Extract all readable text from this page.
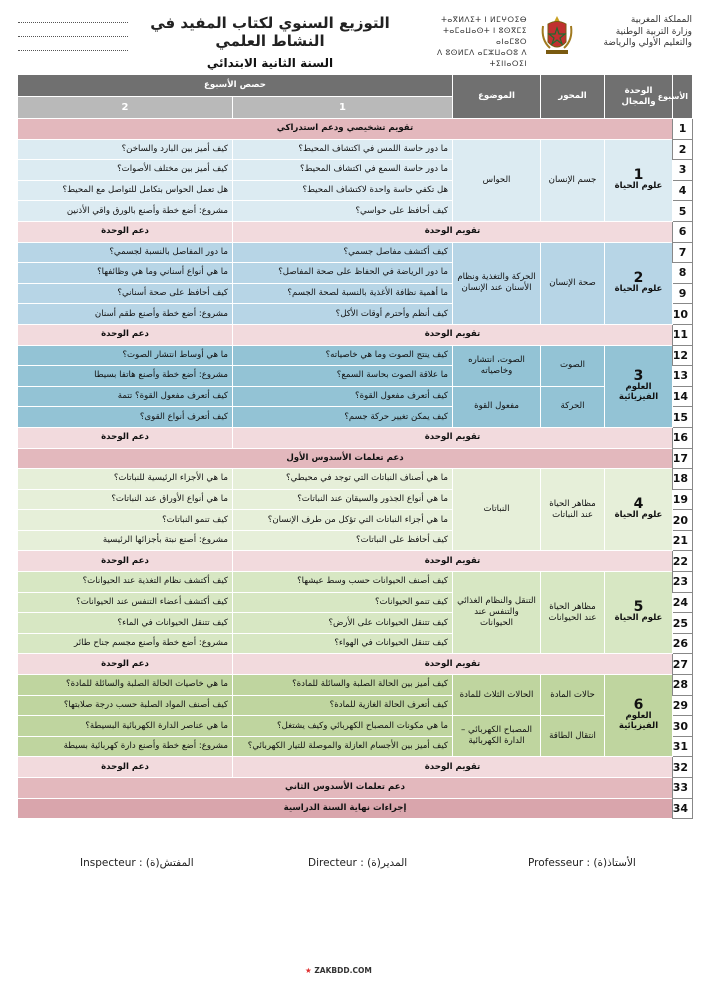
التوزيع السنوي لكتاب المفيد في النشاط العلمي
السنة الثانية الابتدائي
ⵜⴰⴳⵍⴷⵉⵜ ⵏ ⵍⵎⵖⵔⵉⴱ
ⵜⴰⵎⴰⵡⴰⵙⵜ ⵏ ⵓⵙⴳⵎⵉ ⴰⵏⴰⵎⵓⵔ
ⴷ ⵓⵙⵍⵎⴷ ⴰⵎⵣⵡⴰⵔⵓ ⴷ ⵜⵉⵏⵏⴰⵔⵉⵏ
المملكة المغربية
وزارة التربية الوطنية
والتعليم الأولي والرياضة
الأسبوع	الوحدة والمجال	المحور	الموضوع	حصص الأسبوع	
				1	2
1	تقويم تشخيصي ودعم استدراكي				
2	1
علوم الحياة	جسم الإنسان	الحواس	ما دور حاسة اللمس في اكتشاف المحيط؟	كيف أميز بين البارد والساخن؟
3				ما دور حاسة السمع في اكتشاف المحيط؟	كيف أميز بين مختلف الأصوات؟
4				هل تكفي حاسة واحدة لاكتشاف المحيط؟	هل تعمل الحواس بتكامل للتواصل مع المحيط؟
5				كيف أحافظ على حواسي؟	مشروع: أضع خطة وأصنع بالورق واقي الأذنين
6	تقويم الوحدة				دعم الوحدة
7	2
علوم الحياة	صحة الإنسان	الحركة والتغذية ونظام الأسنان عند الإنسان	كيف أكتشف مفاصل جسمي؟	ما دور المفاصل بالنسبة لجسمي؟
8				ما دور الرياضة في الحفاظ على صحة المفاصل؟	ما هي أنواع أسناني وما هي وظائفها؟
9				ما أهمية نظافة الأغذية بالنسبة لصحة الجسم؟	كيف أحافظ على صحة أسناني؟
10				كيف أنظم وأحترم أوقات الأكل؟	مشروع: أضع خطة وأصنع طقم أسنان
11	تقويم الوحدة				دعم الوحدة
12	3
العلوم الفيزيائية	الصوت	الصوت، انتشاره وخاصياته	كيف ينتج الصوت وما هي خاصياته؟	ما هي أوساط انتشار الصوت؟
13				ما علاقة الصوت بحاسة السمع؟	مشروع: أضع خطة وأصنع هاتفا بسيطا
14		الحركة	مفعول القوة	كيف أتعرف مفعول القوة؟	كيف أتعرف مفعول القوة؟ تتمة
15				كيف يمكن تغيير حركة جسم؟	كيف أتعرف أنواع القوى؟
16	تقويم الوحدة				دعم الوحدة
17	دعم تعلمات الأسدوس الأول				
18	4
علوم الحياة	مظاهر الحياة عند النباتات	النباتات	ما هي أصناف النباتات التي توجد في محيطي؟	ما هي الأجزاء الرئيسية للنباتات؟
19				ما هي أنواع الجذور والسيقان عند النباتات؟	ما هي أنواع الأوراق عند النباتات؟
20				ما هي أجزاء النباتات التي تؤكل من طرف الإنسان؟	كيف تنمو النباتات؟
21				كيف أحافظ على النباتات؟	مشروع: أصنع نبتة بأجزائها الرئيسية
22	تقويم الوحدة				دعم الوحدة
23	5
علوم الحياة	مظاهر الحياة عند الحيوانات	التنقل والنظام الغذائي والتنفس عند الحيوانات	كيف أصنف الحيوانات حسب وسط عيشها؟	كيف أكتشف نظام التغذية عند الحيوانات؟
24				كيف تنمو الحيوانات؟	كيف أكتشف أعضاء التنفس عند الحيوانات؟
25				كيف تتنقل الحيوانات على الأرض؟	كيف تتنقل الحيوانات في الماء؟
26				كيف تتنقل الحيوانات في الهواء؟	مشروع: أضع خطة وأصنع مجسم جناح طائر
27	تقويم الوحدة				دعم الوحدة
28	6
العلوم الفيزيائية	حالات المادة	الحالات الثلاث للمادة	كيف أميز بين الحالة الصلبة والسائلة للمادة؟	ما هي خاصيات الحالة الصلبة والسائلة للمادة؟
29				كيف أتعرف الحالة الغازية للمادة؟	كيف أصنف المواد الصلبة حسب درجة صلابتها؟
30		انتقال الطاقة	المصباح الكهربائي – الدارة الكهربائية	ما هي مكونات المصباح الكهربائي وكيف يشتغل؟	ما هي عناصر الدارة الكهربائية البسيطة؟
31				كيف أميز بين الأجسام العازلة والموصلة للتيار الكهربائي؟	مشروع: أضع خطة وأصنع دارة كهربائية بسيطة
32	تقويم الوحدة				دعم الوحدة
33	دعم تعلمات الأسدوس الثاني				
34	إجراءات نهاية السنة الدراسية				
Professeur : الأستاذ(ة)
Directeur : المدير(ة)
Inspecteur : المفتش(ة)
★ ZAKBDD.COM
